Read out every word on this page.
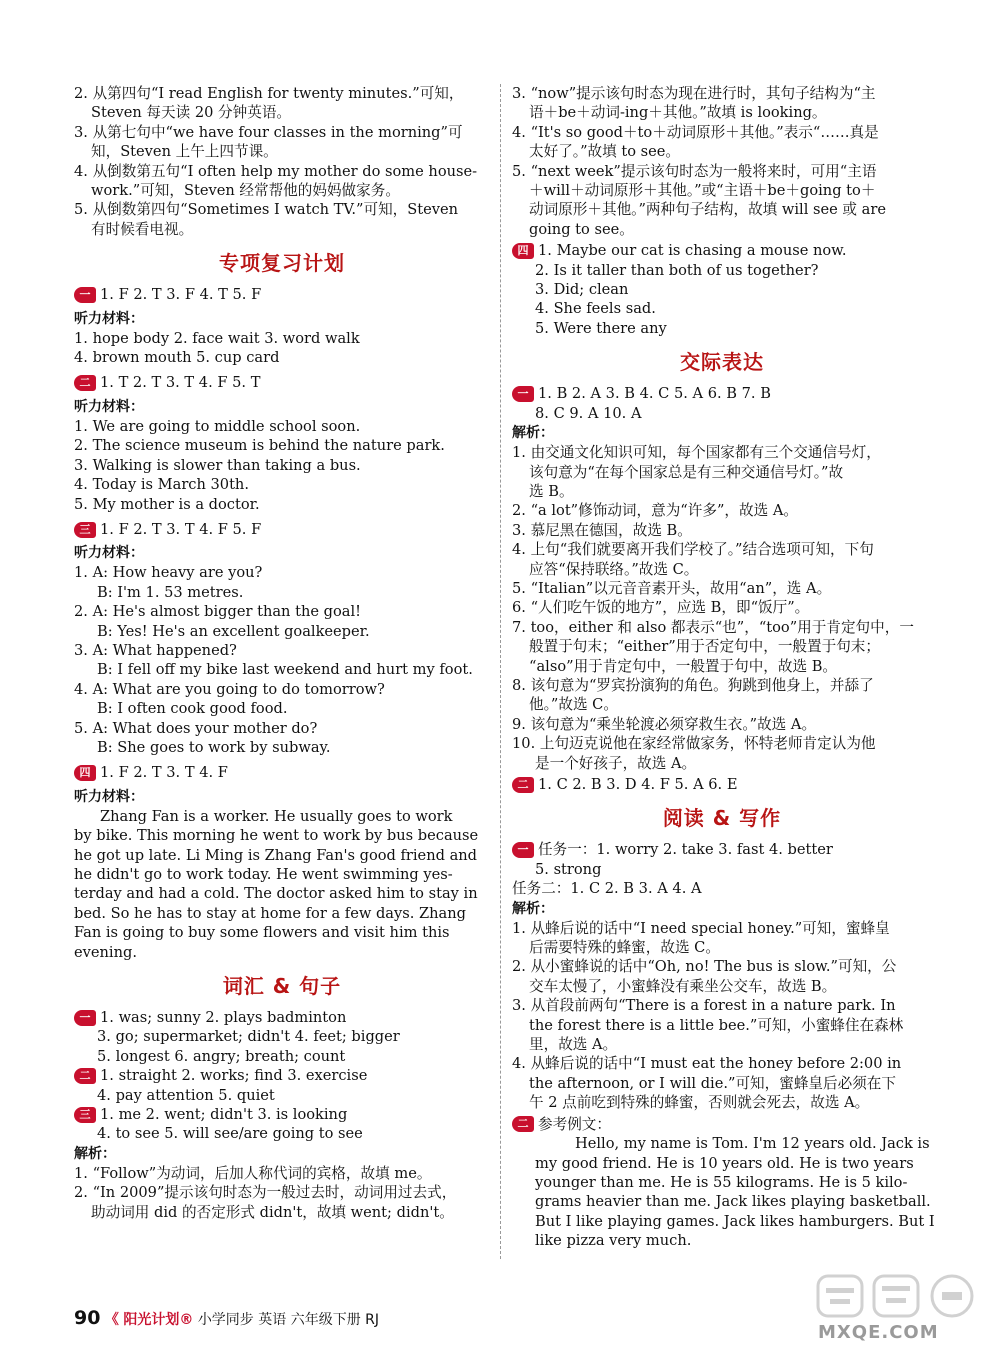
2. 从第四句“I read English for twenty minutes.”可知，
Steven 每天读 20 分钟英语。
3. 从第七句中“we have four classes in the morning”可
知，Steven 上午上四节课。
4. 从倒数第五句“I often help my mother do some house-
work.”可知，Steven 经常帮他的妈妈做家务。
5. 从倒数第四句“Sometimes I watch TV.”可知，Steven
有时候看电视。
专项复习计划
一 1. F 2. T 3. F 4. T 5. F
听力材料：
1. hope body 2. face wait 3. word walk
4. brown mouth 5. cup card
二 1. T 2. T 3. T 4. F 5. T
听力材料：
1. We are going to middle school soon.
2. The science museum is behind the nature park.
3. Walking is slower than taking a bus.
4. Today is March 30th.
5. My mother is a doctor.
三 1. F 2. T 3. T 4. F 5. F
听力材料：
1. A: How heavy are you?
B: I'm 1. 53 metres.
2. A: He's almost bigger than the goal!
B: Yes! He's an excellent goalkeeper.
3. A: What happened?
B: I fell off my bike last weekend and hurt my foot.
4. A: What are you going to do tomorrow?
B: I often cook good food.
5. A: What does your mother do?
B: She goes to work by subway.
四 1. F 2. T 3. T 4. F
听力材料：
Zhang Fan is a worker. He usually goes to work
by bike. This morning he went to work by bus because
he got up late. Li Ming is Zhang Fan's good friend and
he didn't go to work today. He went swimming yes-
terday and had a cold. The doctor asked him to stay in
bed. So he has to stay at home for a few days. Zhang
Fan is going to buy some flowers and visit him this
evening.
词汇 & 句子
一 1. was; sunny 2. plays badminton
3. go; supermarket; didn't 4. feet; bigger
5. longest 6. angry; breath; count
二 1. straight 2. works; find 3. exercise
4. pay attention 5. quiet
三 1. me 2. went; didn't 3. is looking
4. to see 5. will see/are going to see
解析：
1. “Follow”为动词，后加人称代词的宾格，故填 me。
2. “In 2009”提示该句时态为一般过去时，动词用过去式，
助动词用 did 的否定形式 didn't，故填 went; didn't。
3. “now”提示该句时态为现在进行时，其句子结构为“主
语＋be＋动词-ing＋其他。”故填 is looking。
4. “It's so good＋to＋动词原形＋其他。”表示“……真是
太好了。”故填 to see。
5. “next week”提示该句时态为一般将来时，可用“主语
＋will＋动词原形＋其他。”或“主语＋be＋going to＋
动词原形＋其他。”两种句子结构，故填 will see 或 are
going to see。
四 1. Maybe our cat is chasing a mouse now.
2. Is it taller than both of us together?
3. Did; clean
4. She feels sad.
5. Were there any
交际表达
一 1. B 2. A 3. B 4. C 5. A 6. B 7. B
8. C 9. A 10. A
解析：
1. 由交通文化知识可知，每个国家都有三个交通信号灯，
该句意为“在每个国家总是有三种交通信号灯。”故
选 B。
2. “a lot”修饰动词，意为“许多”，故选 A。
3. 慕尼黑在德国，故选 B。
4. 上句“我们就要离开我们学校了。”结合选项可知，下句
应答“保持联络。”故选 C。
5. “Italian”以元音音素开头，故用“an”，选 A。
6. “人们吃午饭的地方”，应选 B，即“饭厅”。
7. too，either 和 also 都表示“也”，“too”用于肯定句中，一
般置于句末；“either”用于否定句中，一般置于句末；
“also”用于肯定句中，一般置于句中，故选 B。
8. 该句意为“罗宾扮演狗的角色。狗跳到他身上，并舔了
他。”故选 C。
9. 该句意为“乘坐轮渡必须穿救生衣。”故选 A。
10. 上句迈克说他在家经常做家务，怀特老师肯定认为他
是一个好孩子，故选 A。
二 1. C 2. B 3. D 4. F 5. A 6. E
阅读 & 写作
一 任务一：1. worry 2. take 3. fast 4. better
5. strong
任务二：1. C 2. B 3. A 4. A
解析：
1. 从蜂后说的话中“I need special honey.”可知，蜜蜂皇
后需要特殊的蜂蜜，故选 C。
2. 从小蜜蜂说的话中“Oh, no! The bus is slow.”可知，公
交车太慢了，小蜜蜂没有乘坐公交车，故选 B。
3. 从首段前两句“There is a forest in a nature park. In
the forest there is a little bee.”可知，小蜜蜂住在森林
里，故选 A。
4. 从蜂后说的话中“I must eat the honey before 2:00 in
the afternoon, or I will die.”可知，蜜蜂皇后必须在下
午 2 点前吃到特殊的蜂蜜，否则就会死去，故选 A。
二 参考例文：
Hello, my name is Tom. I'm 12 years old. Jack is
my good friend. He is 10 years old. He is two years
younger than me. He is 55 kilograms. He is 5 kilo-
grams heavier than me. Jack likes playing basketball.
But I like playing games. Jack likes hamburgers. But I
like pizza very much.
90 《 阳光计划® 小学同步 英语 六年级下册 RJ
MXQE.COM
